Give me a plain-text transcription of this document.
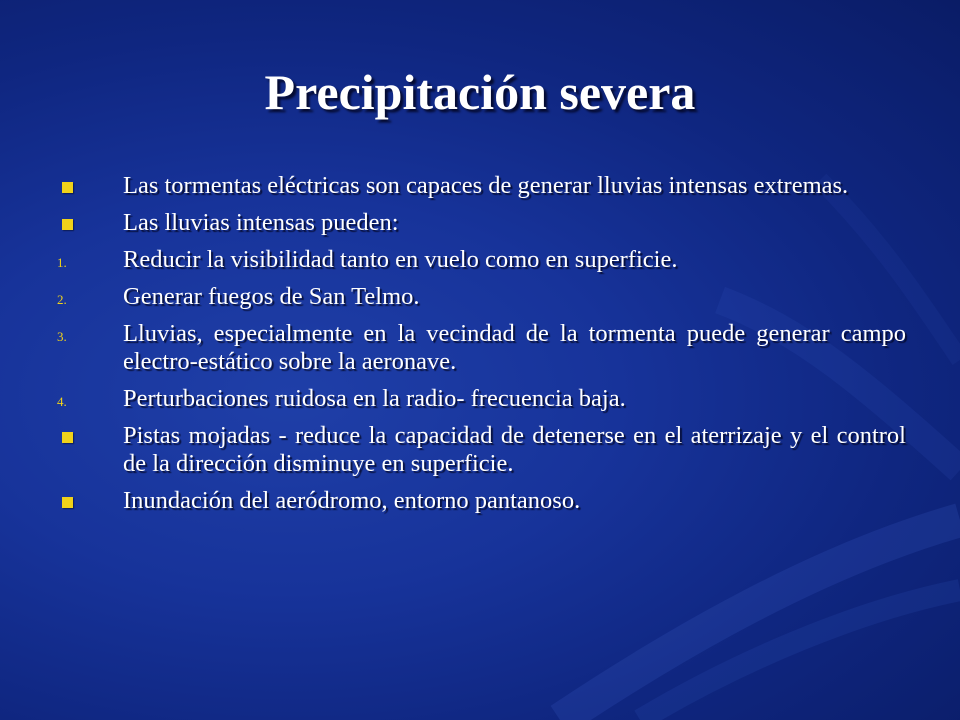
Precipitación severa
Las tormentas eléctricas son capaces de generar lluvias intensas extremas.
Las lluvias intensas pueden:
1. Reducir la visibilidad tanto en vuelo como en superficie.
2. Generar fuegos de San Telmo.
3. Lluvias, especialmente en la vecindad de la tormenta puede generar campo electro-estático sobre la aeronave.
4. Perturbaciones ruidosa en la radio- frecuencia baja.
Pistas mojadas - reduce la capacidad de detenerse en el aterrizaje y el control de la dirección disminuye en superficie.
Inundación del aeródromo, entorno pantanoso.
